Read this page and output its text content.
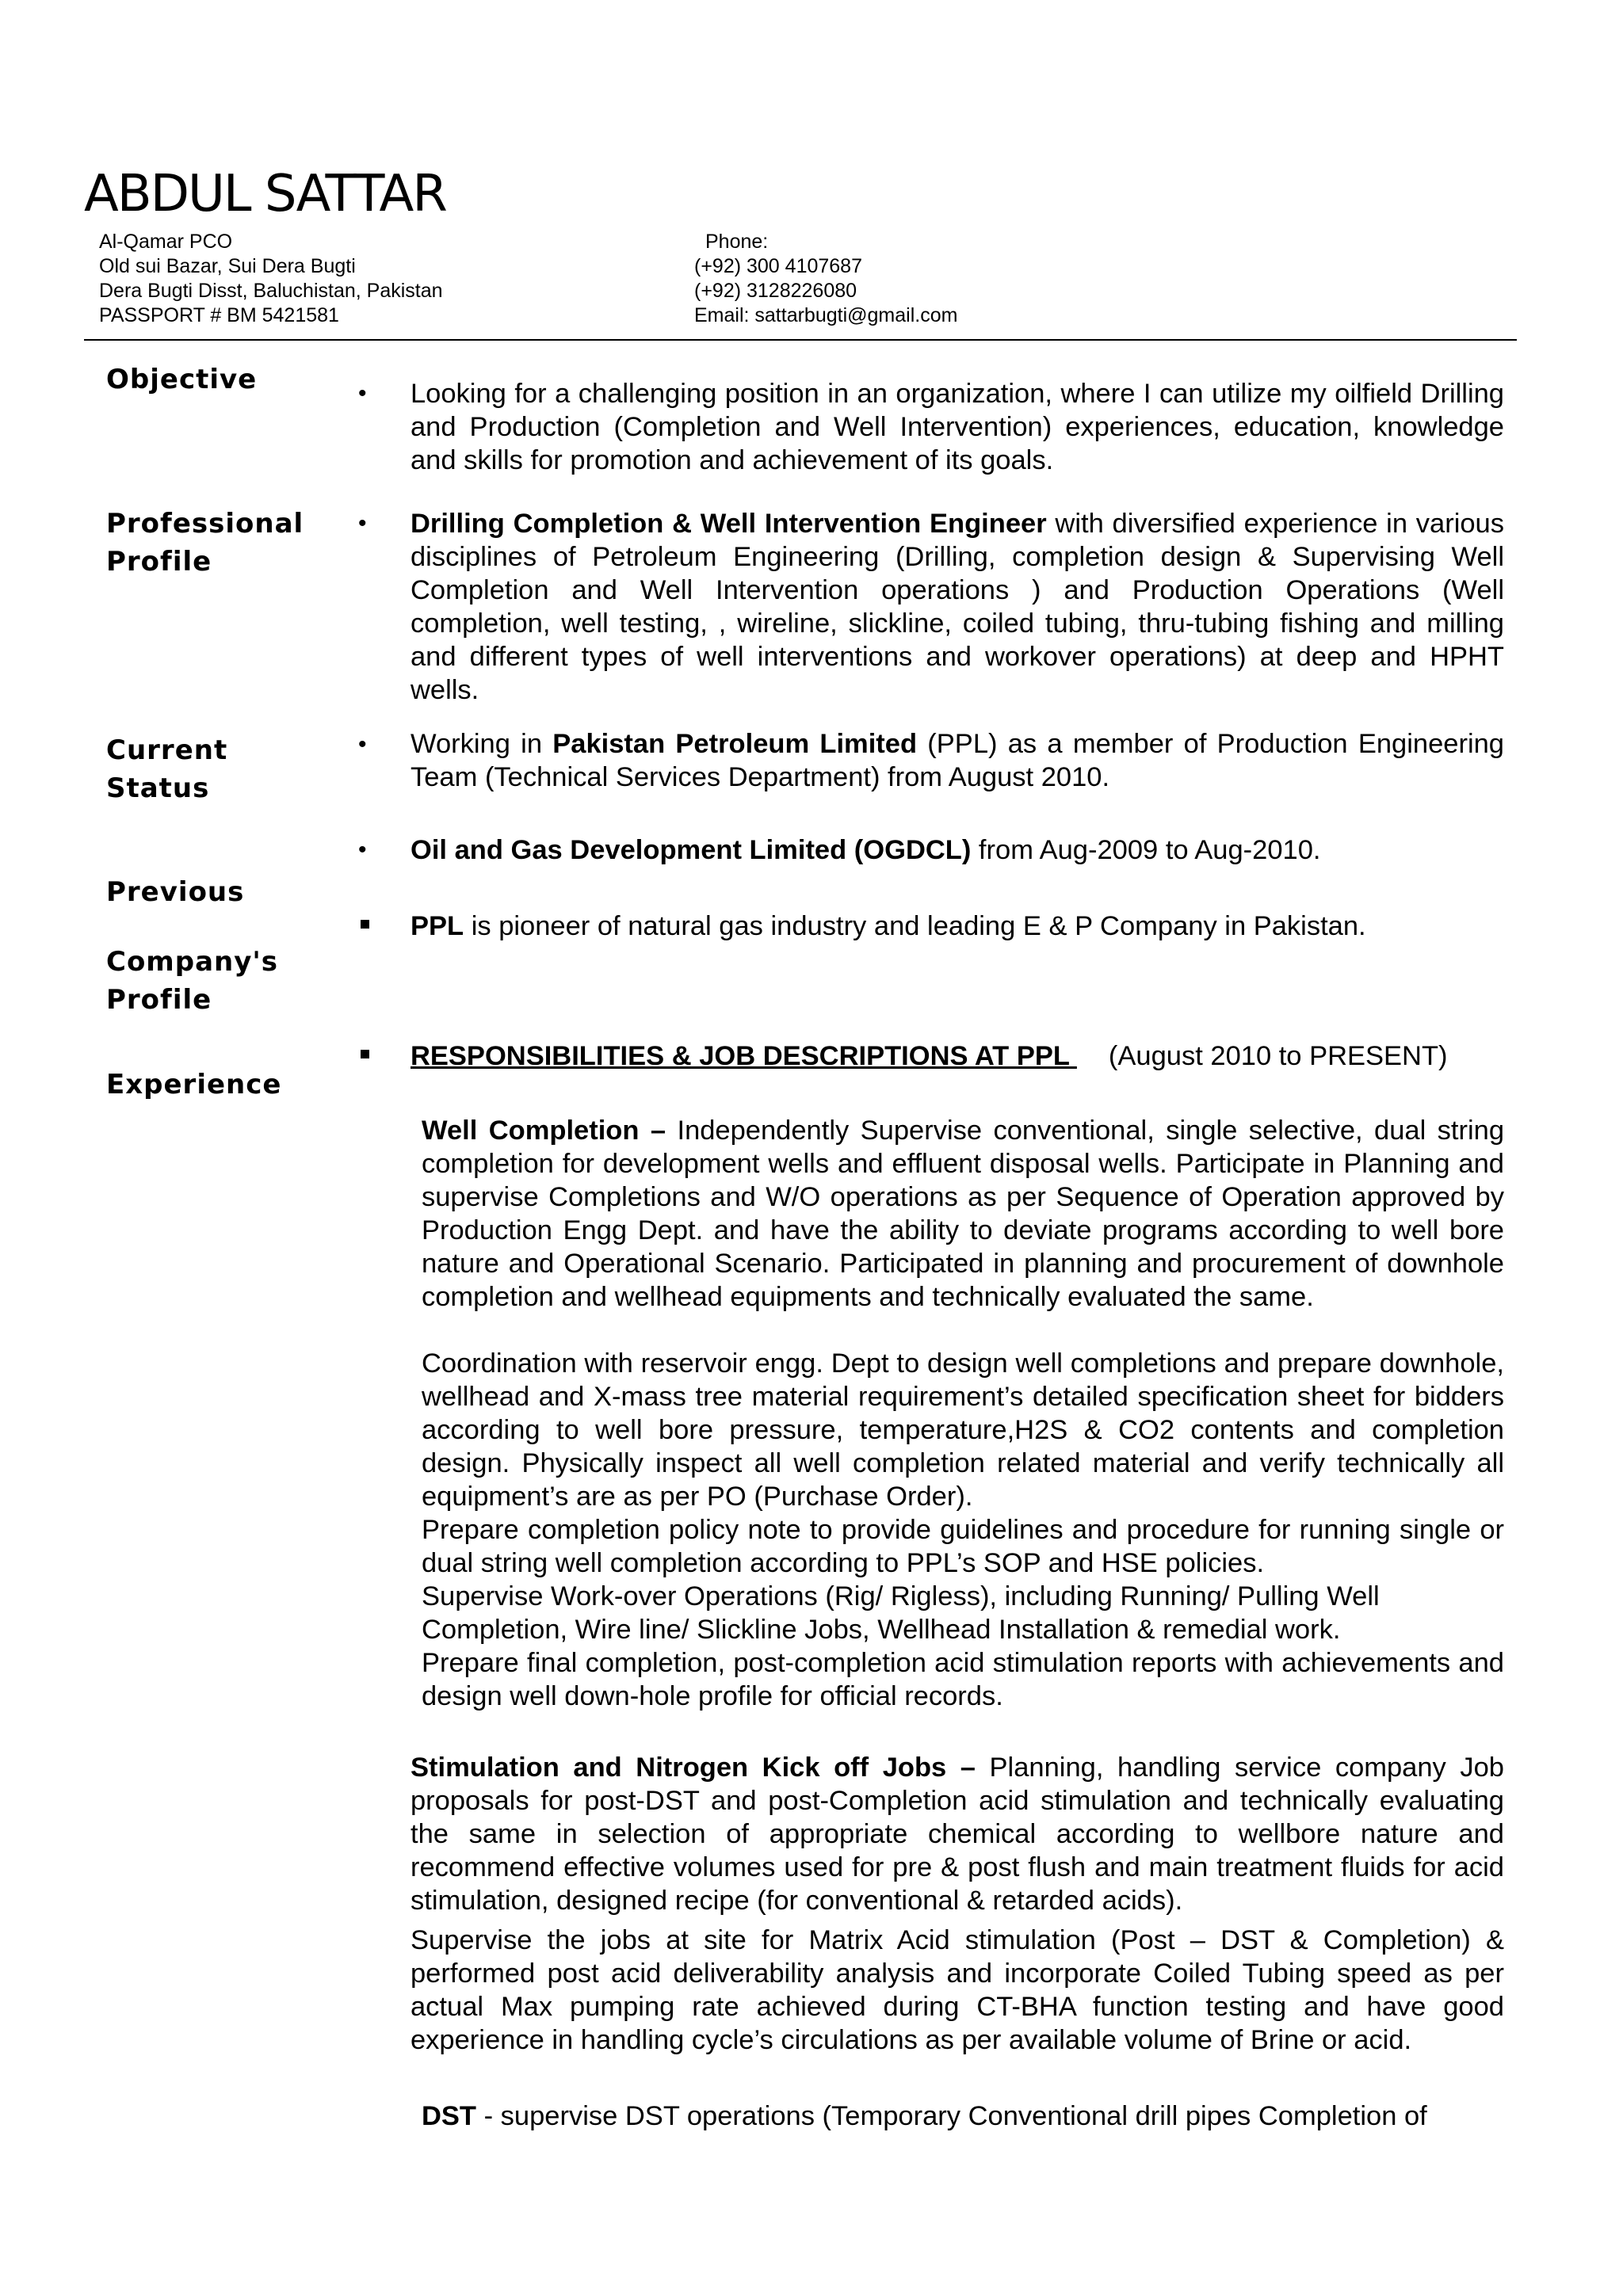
ABDUL SATTAR
Al-Qamar PCO
Old sui Bazar, Sui Dera Bugti
Dera Bugti Disst, Baluchistan, Pakistan
PASSPORT # BM 5421581
Phone:
(+92) 300 4107687
(+92) 3128226080
Email: sattarbugti@gmail.com
Objective
Professional
Profile
Current
Status
Previous
Company's
Profile
Experience
• Looking for a challenging position in an organization, where I can utilize my oilfield Drilling and Production (Completion and Well Intervention) experiences, education, knowledge and skills for promotion and achievement of its goals.

• Drilling Completion & Well Intervention Engineer with diversified experience in various disciplines of Petroleum Engineering (Drilling, completion design & Supervising Well Completion and Well Intervention operations ) and Production Operations (Well completion, well testing, , wireline, slickline, coiled tubing, thru-tubing fishing and milling and different types of well interventions and workover operations) at deep and HPHT wells.

• Working in Pakistan Petroleum Limited (PPL) as a member of Production Engineering Team (Technical Services Department) from August 2010.

• Oil and Gas Development Limited (OGDCL) from Aug-2009 to Aug-2010.

PPL is pioneer of natural gas industry and leading E & P Company in Pakistan.

RESPONSIBILITIES & JOB DESCRIPTIONS AT PPL (August 2010 to PRESENT)

Well Completion – Independently Supervise conventional, single selective, dual string completion for development wells and effluent disposal wells. Participate in Planning and supervise Completions and W/O operations as per Sequence of Operation approved by Production Engg Dept. and have the ability to deviate programs according to well bore nature and Operational Scenario. Participated in planning and procurement of downhole completion and wellhead equipments and technically evaluated the same.

Coordination with reservoir engg. Dept to design well completions and prepare downhole, wellhead and X-mass tree material requirement’s detailed specification sheet for bidders according to well bore pressure, temperature,H2S & CO2 contents and completion design. Physically inspect all well completion related material and verify technically all equipment’s are as per PO (Purchase Order).

Prepare completion policy note to provide guidelines and procedure for running single or dual string well completion according to PPL’s SOP and HSE policies.

Supervise Work-over Operations (Rig/ Rigless), including Running/ Pulling Well

Completion, Wire line/ Slickline Jobs, Wellhead Installation & remedial work.

Prepare final completion, post-completion acid stimulation reports with achievements and design well down-hole profile for official records.

Stimulation and Nitrogen Kick off Jobs – Planning, handling service company Job proposals for post-DST and post-Completion acid stimulation and technically evaluating the same in selection of appropriate chemical according to wellbore nature and recommend effective volumes used for pre & post flush and main treatment fluids for acid stimulation, designed recipe (for conventional & retarded acids).

Supervise the jobs at site for Matrix Acid stimulation (Post – DST & Completion) & performed post acid deliverability analysis and incorporate Coiled Tubing speed as per actual Max pumping rate achieved during CT-BHA function testing and have good experience in handling cycle’s circulations as per available volume of Brine or acid.

DST - supervise DST operations (Temporary Conventional drill pipes Completion of
